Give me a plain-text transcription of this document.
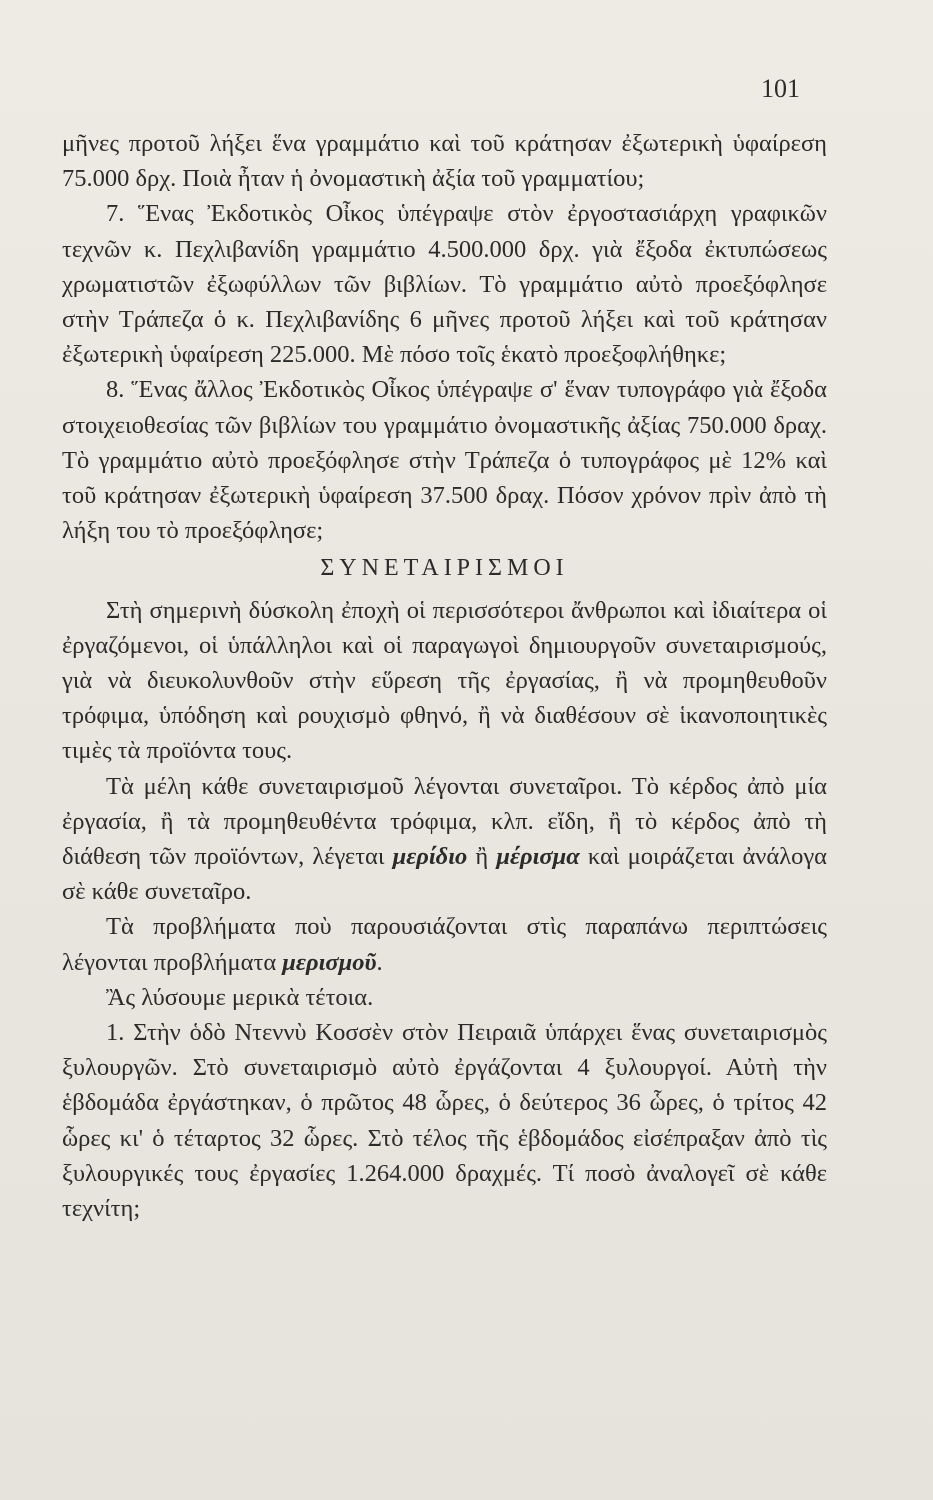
101

μῆνες προτοῦ λήξει ἕνα γραμμάτιο καὶ τοῦ κράτησαν ἐξωτερικὴ ὑφαίρεση 75.000 δρχ. Ποιὰ ἦταν ἡ ὀνομαστικὴ ἀξία τοῦ γραμματίου;

7. Ἕνας Ἐκδοτικὸς Οἶκος ὑπέγραψε στὸν ἐργοστασιάρχη γραφικῶν τεχνῶν κ. Πεχλιβανίδη γραμμάτιο 4.500.000 δρχ. γιὰ ἔξοδα ἐκτυπώσεως χρωματιστῶν ἐξωφύλλων τῶν βιβλίων. Τὸ γραμμάτιο αὐτὸ προεξόφλησε στὴν Τράπεζα ὁ κ. Πεχλιβανίδης 6 μῆνες προτοῦ λήξει καὶ τοῦ κράτησαν ἐξωτερικὴ ὑφαίρεση 225.000. Μὲ πόσο τοῖς ἑκατὸ προεξοφλήθηκε;

8. Ἕνας ἄλλος Ἐκδοτικὸς Οἶκος ὑπέγραψε σ' ἕναν τυπογράφο γιὰ ἔξοδα στοιχειοθεσίας τῶν βιβλίων του γραμμάτιο ὀνομαστικῆς ἀξίας 750.000 δραχ. Τὸ γραμμάτιο αὐτὸ προεξόφλησε στὴν Τράπεζα ὁ τυπογράφος μὲ 12% καὶ τοῦ κράτησαν ἐξωτερικὴ ὑφαίρεση 37.500 δραχ. Πόσον χρόνον πρὶν ἀπὸ τὴ λήξη του τὸ προεξόφλησε;

ΣΥΝΕΤΑΙΡΙΣΜΟΙ

Στὴ σημερινὴ δύσκολη ἐποχὴ οἱ περισσότεροι ἄνθρωποι καὶ ἰδιαίτερα οἱ ἐργαζόμενοι, οἱ ὑπάλληλοι καὶ οἱ παραγωγοὶ δημιουργοῦν συνεταιρισμούς, γιὰ νὰ διευκολυνθοῦν στὴν εὕρεση τῆς ἐργασίας, ἢ νὰ προμηθευθοῦν τρόφιμα, ὑπόδηση καὶ ρουχισμὸ φθηνό, ἢ νὰ διαθέσουν σὲ ἱκανοποιητικὲς τιμὲς τὰ προϊόντα τους.

Τὰ μέλη κάθε συνεταιρισμοῦ λέγονται συνεταῖροι. Τὸ κέρδος ἀπὸ μία ἐργασία, ἢ τὰ προμηθευθέντα τρόφιμα, κλπ. εἴδη, ἢ τὸ κέρδος ἀπὸ τὴ διάθεση τῶν προϊόντων, λέγεται μερίδιο ἢ μέρισμα καὶ μοιράζεται ἀνάλογα σὲ κάθε συνεταῖρο.

Τὰ προβλήματα ποὺ παρουσιάζονται στὶς παραπάνω περιπτώσεις λέγονται προβλήματα μερισμοῦ.

Ἂς λύσουμε μερικὰ τέτοια.

1. Στὴν ὁδὸ Ντεννὺ Κοσσὲν στὸν Πειραιᾶ ὑπάρχει ἕνας συνεταιρισμὸς ξυλουργῶν. Στὸ συνεταιρισμὸ αὐτὸ ἐργάζονται 4 ξυλουργοί. Αὐτὴ τὴν ἑβδομάδα ἐργάστηκαν, ὁ πρῶτος 48 ὧρες, ὁ δεύτερος 36 ὧρες, ὁ τρίτος 42 ὧρες κι' ὁ τέταρτος 32 ὧρες. Στὸ τέλος τῆς ἑβδομάδος εἰσέπραξαν ἀπὸ τὶς ξυλουργικές τους ἐργασίες 1.264.000 δραχμές. Τί ποσὸ ἀναλογεῖ σὲ κάθε τεχνίτη;
